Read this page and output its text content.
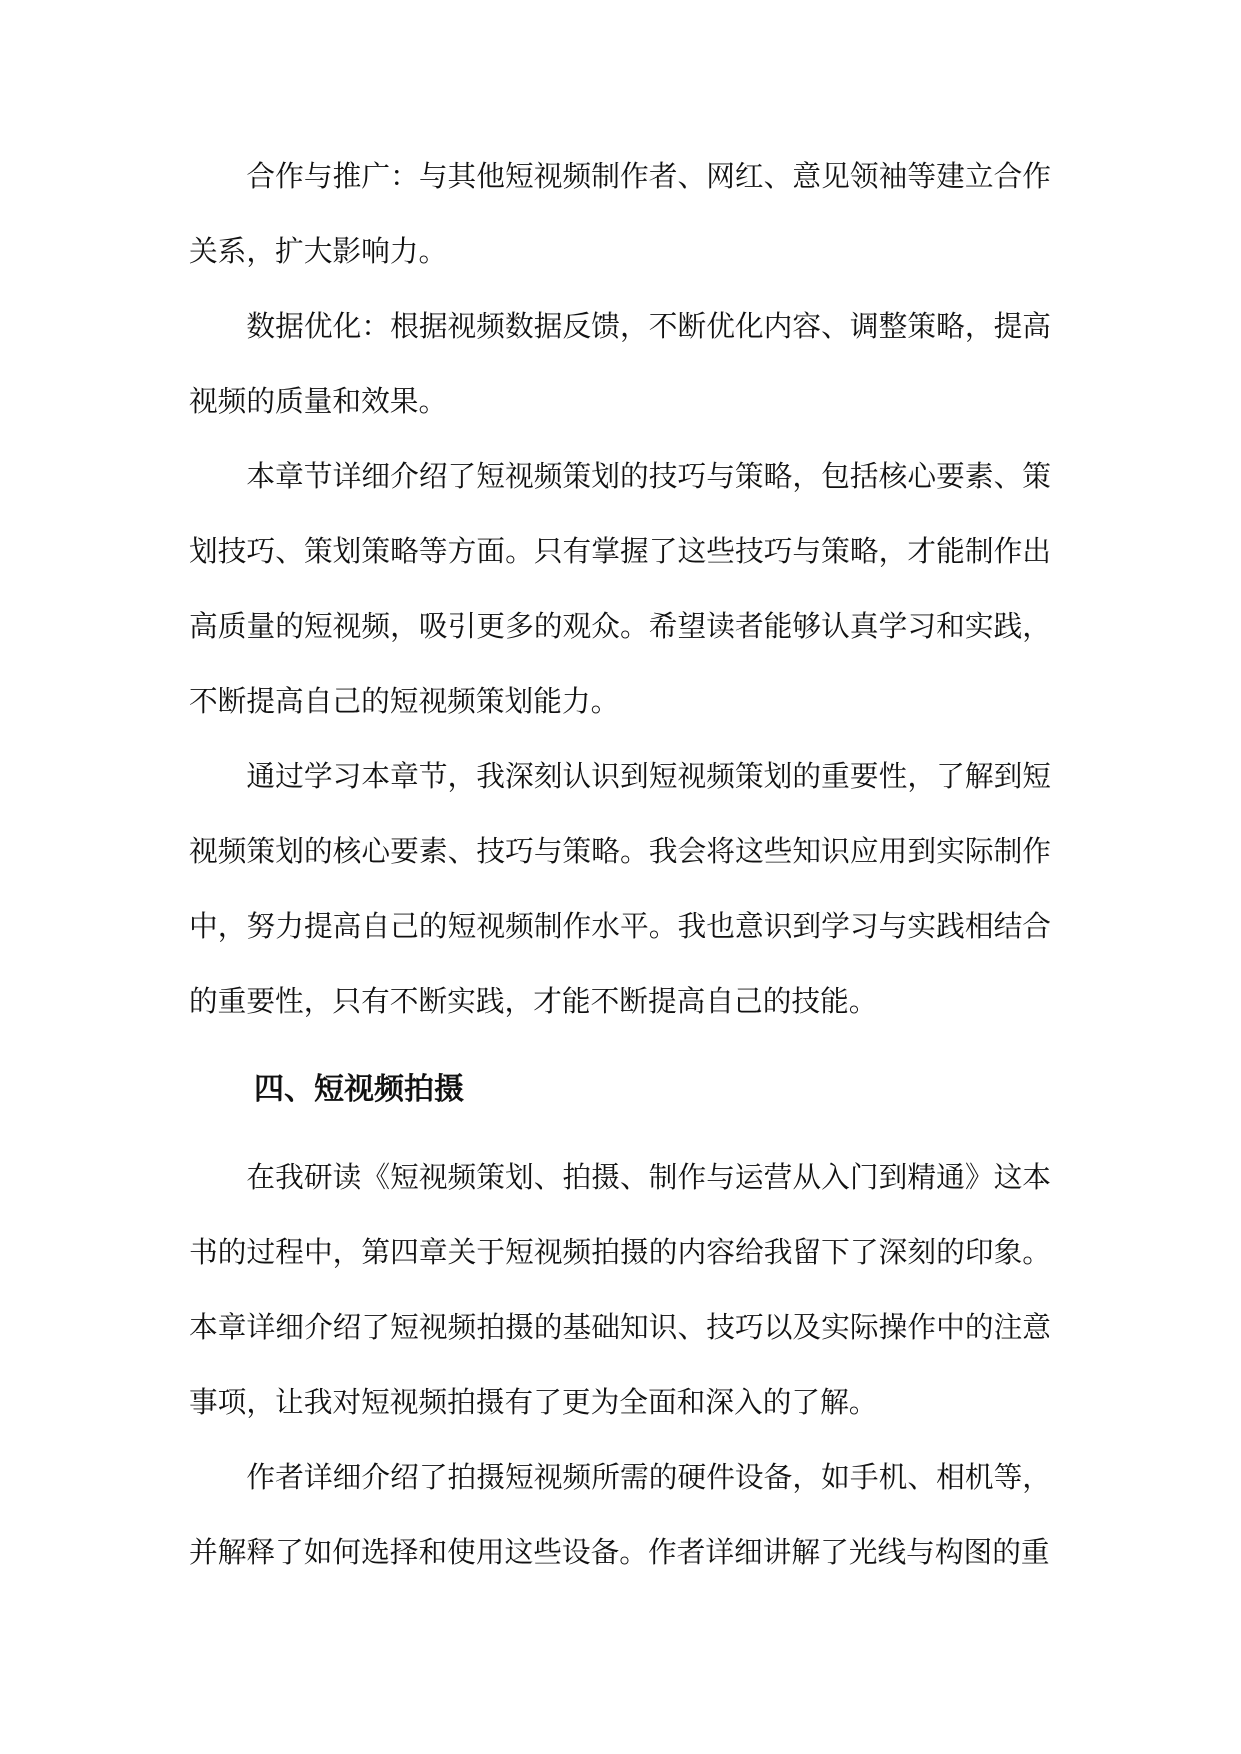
合作与推广：与其他短视频制作者、网红、意见领袖等建立合作关系，扩大影响力。

数据优化：根据视频数据反馈，不断优化内容、调整策略，提高视频的质量和效果。

本章节详细介绍了短视频策划的技巧与策略，包括核心要素、策划技巧、策划策略等方面。只有掌握了这些技巧与策略，才能制作出高质量的短视频，吸引更多的观众。希望读者能够认真学习和实践，不断提高自己的短视频策划能力。

通过学习本章节，我深刻认识到短视频策划的重要性，了解到短视频策划的核心要素、技巧与策略。我会将这些知识应用到实际制作中，努力提高自己的短视频制作水平。我也意识到学习与实践相结合的重要性，只有不断实践，才能不断提高自己的技能。

四、短视频拍摄

在我研读《短视频策划、拍摄、制作与运营从入门到精通》这本书的过程中，第四章关于短视频拍摄的内容给我留下了深刻的印象。本章详细介绍了短视频拍摄的基础知识、技巧以及实际操作中的注意事项，让我对短视频拍摄有了更为全面和深入的了解。

作者详细介绍了拍摄短视频所需的硬件设备，如手机、相机等，并解释了如何选择和使用这些设备。作者详细讲解了光线与构图的重
